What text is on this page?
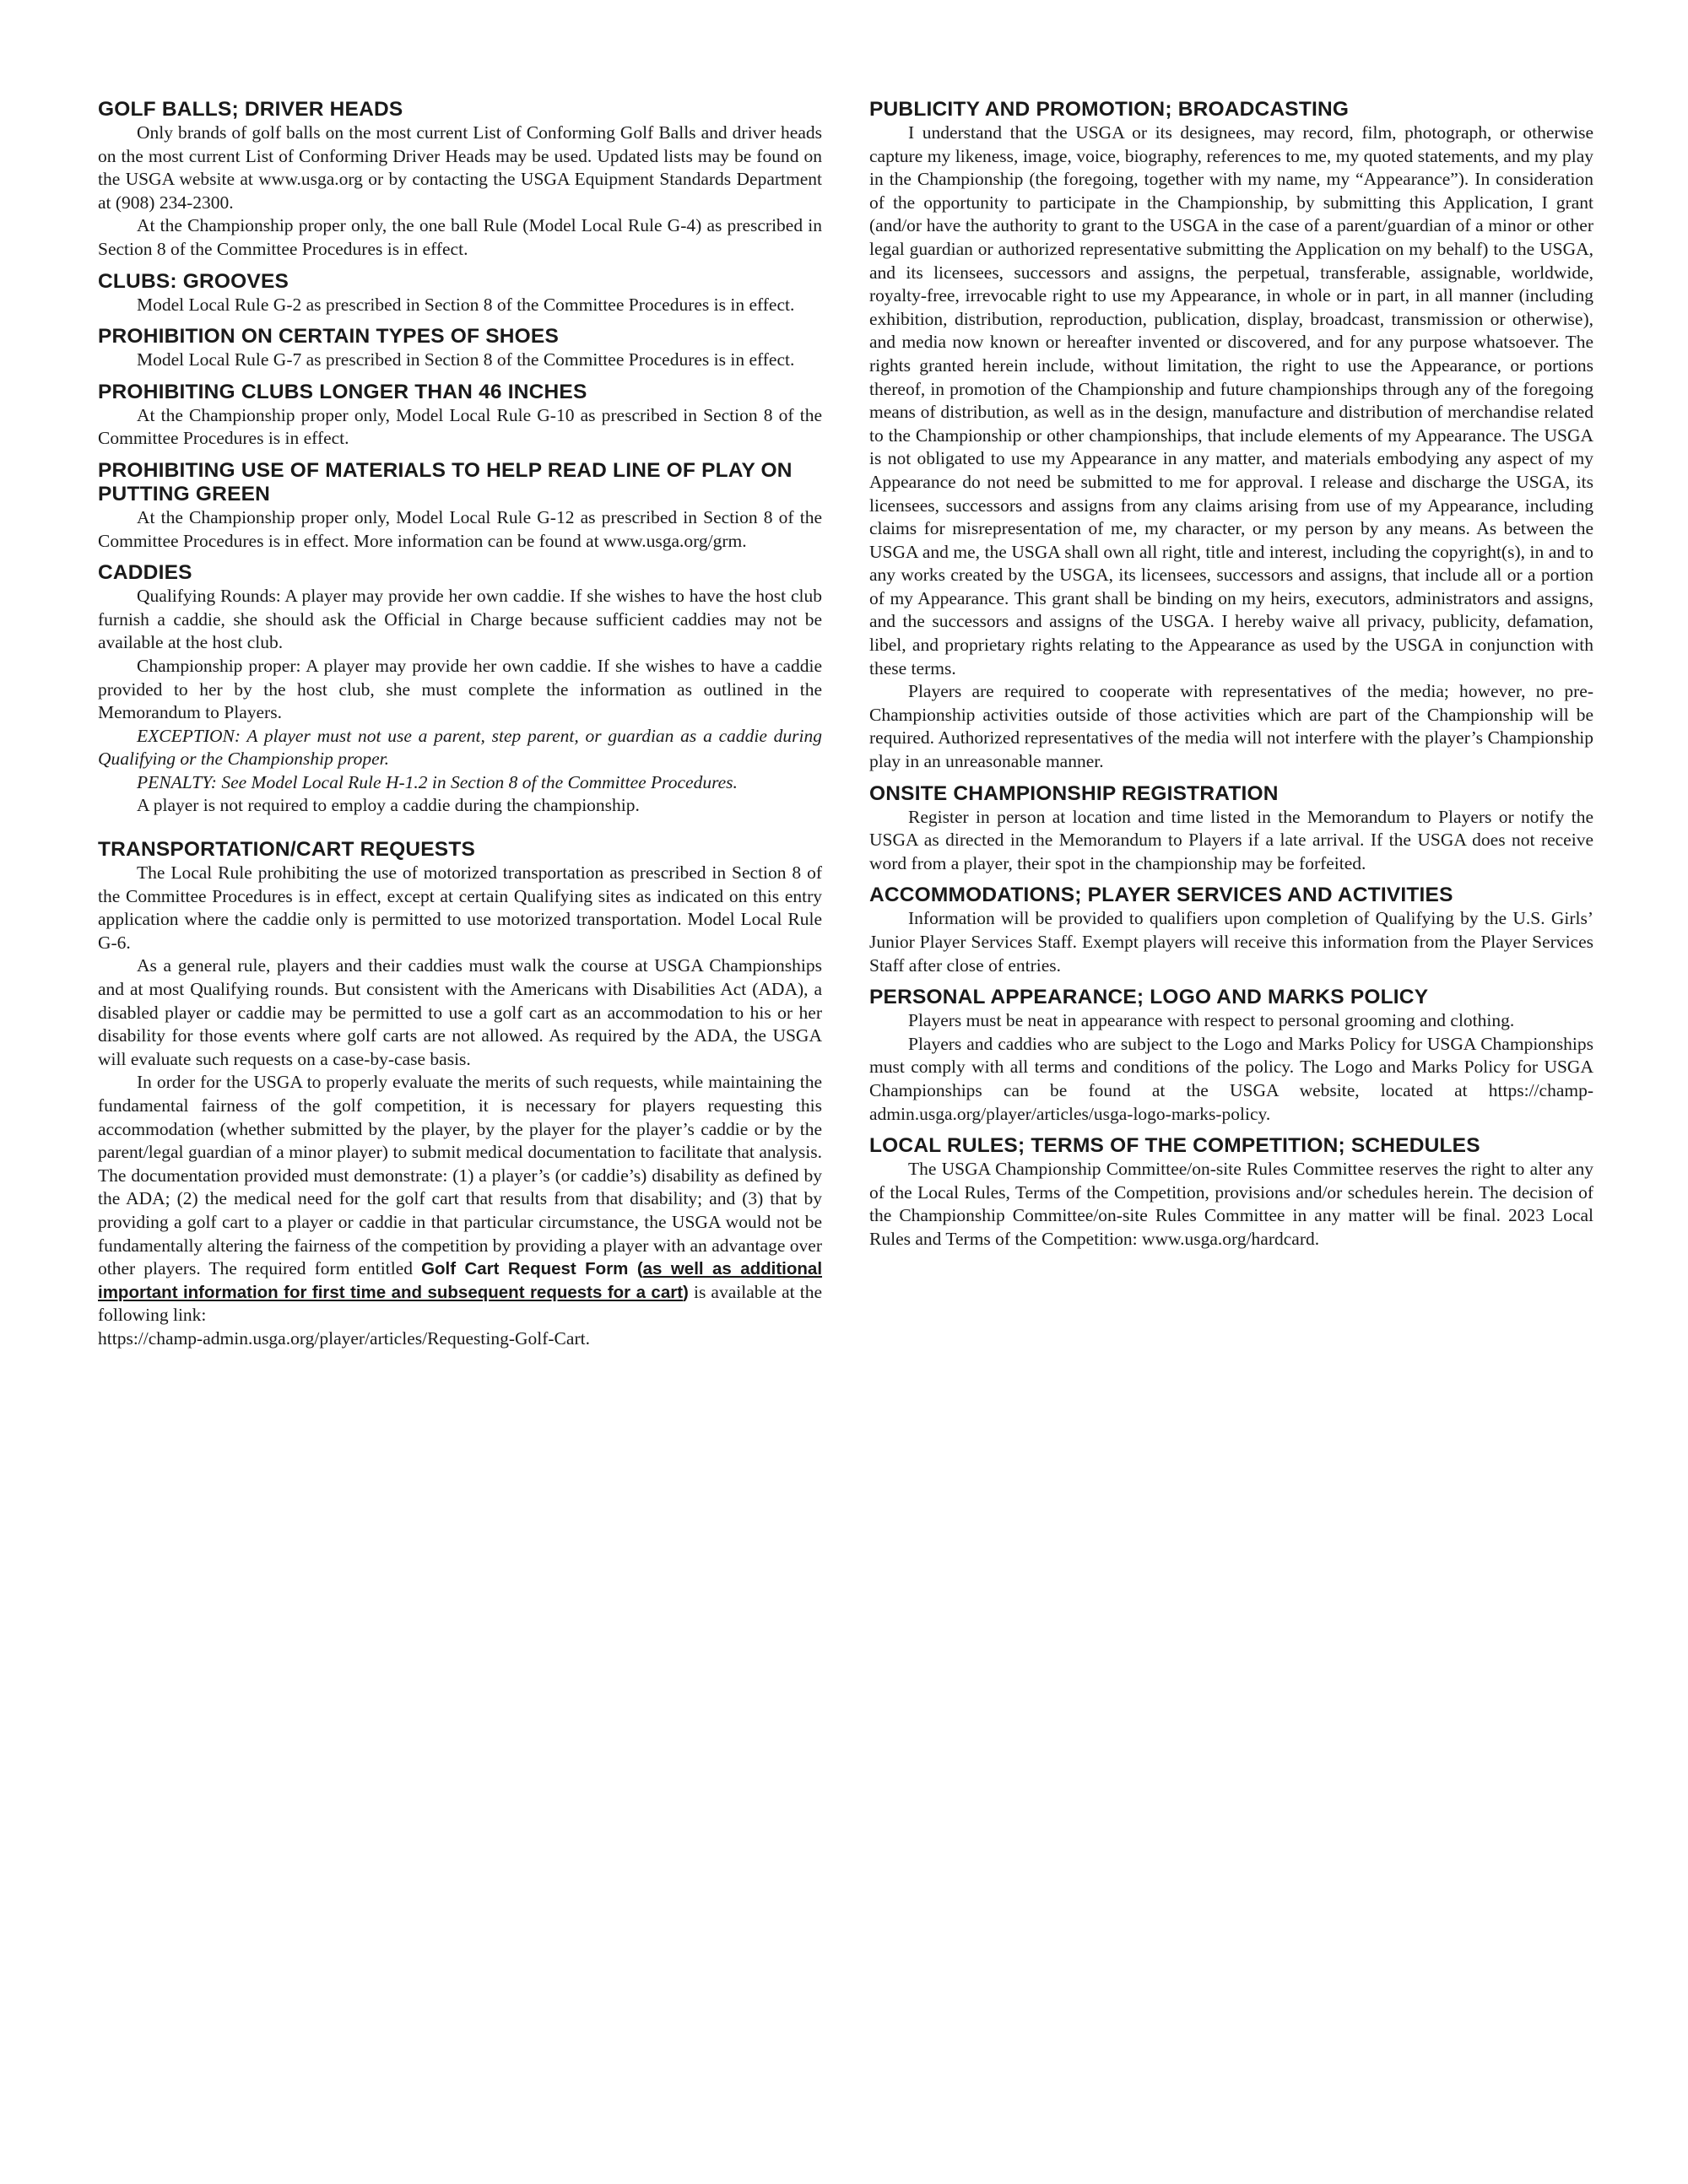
GOLF BALLS; DRIVER HEADS

Only brands of golf balls on the most current List of Conforming Golf Balls and driver heads on the most current List of Conforming Driver Heads may be used. Updated lists may be found on the USGA website at www.usga.org or by contacting the USGA Equipment Standards Department at (908) 234-2300.

At the Championship proper only, the one ball Rule (Model Local Rule G-4) as prescribed in Section 8 of the Committee Procedures is in effect.

CLUBS: GROOVES

Model Local Rule G-2 as prescribed in Section 8 of the Committee Procedures is in effect.

PROHIBITION ON CERTAIN TYPES OF SHOES

Model Local Rule G-7 as prescribed in Section 8 of the Committee Procedures is in effect.

PROHIBITING CLUBS LONGER THAN 46 INCHES

At the Championship proper only, Model Local Rule G-10 as prescribed in Section 8 of the Committee Procedures is in effect.

PROHIBITING USE OF MATERIALS TO HELP READ LINE OF PLAY ON PUTTING GREEN

At the Championship proper only, Model Local Rule G-12 as prescribed in Section 8 of the Committee Procedures is in effect. More information can be found at www.usga.org/grm.

CADDIES

Qualifying Rounds: A player may provide her own caddie. If she wishes to have the host club furnish a caddie, she should ask the Official in Charge because sufficient caddies may not be available at the host club.

Championship proper: A player may provide her own caddie. If she wishes to have a caddie provided to her by the host club, she must complete the information as outlined in the Memorandum to Players.

EXCEPTION: A player must not use a parent, step parent, or guardian as a caddie during Qualifying or the Championship proper.

PENALTY: See Model Local Rule H-1.2 in Section 8 of the Committee Procedures.

A player is not required to employ a caddie during the championship.

TRANSPORTATION/CART REQUESTS

The Local Rule prohibiting the use of motorized transportation as prescribed in Section 8 of the Committee Procedures is in effect, except at certain Qualifying sites as indicated on this entry application where the caddie only is permitted to use motorized transportation. Model Local Rule G-6.

As a general rule, players and their caddies must walk the course at USGA Championships and at most Qualifying rounds. But consistent with the Americans with Disabilities Act (ADA), a disabled player or caddie may be permitted to use a golf cart as an accommodation to his or her disability for those events where golf carts are not allowed. As required by the ADA, the USGA will evaluate such requests on a case-by-case basis.

In order for the USGA to properly evaluate the merits of such requests, while maintaining the fundamental fairness of the golf competition, it is necessary for players requesting this accommodation (whether submitted by the player, by the player for the player’s caddie or by the parent/legal guardian of a minor player) to submit medical documentation to facilitate that analysis. The documentation provided must demonstrate: (1) a player’s (or caddie’s) disability as defined by the ADA; (2) the medical need for the golf cart that results from that disability; and (3) that by providing a golf cart to a player or caddie in that particular circumstance, the USGA would not be fundamentally altering the fairness of the competition by providing a player with an advantage over other players. The required form entitled Golf Cart Request Form (as well as additional important information for first time and subsequent requests for a cart) is available at the following link:

https://champ-admin.usga.org/player/articles/Requesting-Golf-Cart.

PUBLICITY AND PROMOTION; BROADCASTING

I understand that the USGA or its designees, may record, film, photograph, or otherwise capture my likeness, image, voice, biography, references to me, my quoted statements, and my play in the Championship (the foregoing, together with my name, my “Appearance”). In consideration of the opportunity to participate in the Championship, by submitting this Application, I grant (and/or have the authority to grant to the USGA in the case of a parent/guardian of a minor or other legal guardian or authorized representative submitting the Application on my behalf) to the USGA, and its licensees, successors and assigns, the perpetual, transferable, assignable, worldwide, royalty-free, irrevocable right to use my Appearance, in whole or in part, in all manner (including exhibition, distribution, reproduction, publication, display, broadcast, transmission or otherwise), and media now known or hereafter invented or discovered, and for any purpose whatsoever. The rights granted herein include, without limitation, the right to use the Appearance, or portions thereof, in promotion of the Championship and future championships through any of the foregoing means of distribution, as well as in the design, manufacture and distribution of merchandise related to the Championship or other championships, that include elements of my Appearance. The USGA is not obligated to use my Appearance in any matter, and materials embodying any aspect of my Appearance do not need be submitted to me for approval. I release and discharge the USGA, its licensees, successors and assigns from any claims arising from use of my Appearance, including claims for misrepresentation of me, my character, or my person by any means. As between the USGA and me, the USGA shall own all right, title and interest, including the copyright(s), in and to any works created by the USGA, its licensees, successors and assigns, that include all or a portion of my Appearance. This grant shall be binding on my heirs, executors, administrators and assigns, and the successors and assigns of the USGA. I hereby waive all privacy, publicity, defamation, libel, and proprietary rights relating to the Appearance as used by the USGA in conjunction with these terms.

Players are required to cooperate with representatives of the media; however, no pre-Championship activities outside of those activities which are part of the Championship will be required. Authorized representatives of the media will not interfere with the player’s Championship play in an unreasonable manner.

ONSITE CHAMPIONSHIP REGISTRATION

Register in person at location and time listed in the Memorandum to Players or notify the USGA as directed in the Memorandum to Players if a late arrival. If the USGA does not receive word from a player, their spot in the championship may be forfeited.

ACCOMMODATIONS; PLAYER SERVICES AND ACTIVITIES

Information will be provided to qualifiers upon completion of Qualifying by the U.S. Girls’ Junior Player Services Staff. Exempt players will receive this information from the Player Services Staff after close of entries.

PERSONAL APPEARANCE; LOGO AND MARKS POLICY

Players must be neat in appearance with respect to personal grooming and clothing.

Players and caddies who are subject to the Logo and Marks Policy for USGA Championships must comply with all terms and conditions of the policy. The Logo and Marks Policy for USGA Championships can be found at the USGA website, located at https://champ-admin.usga.org/player/articles/usga-logo-marks-policy.

LOCAL RULES; TERMS OF THE COMPETITION; SCHEDULES

The USGA Championship Committee/on-site Rules Committee reserves the right to alter any of the Local Rules, Terms of the Competition, provisions and/or schedules herein. The decision of the Championship Committee/on-site Rules Committee in any matter will be final. 2023 Local Rules and Terms of the Competition: www.usga.org/hardcard.
